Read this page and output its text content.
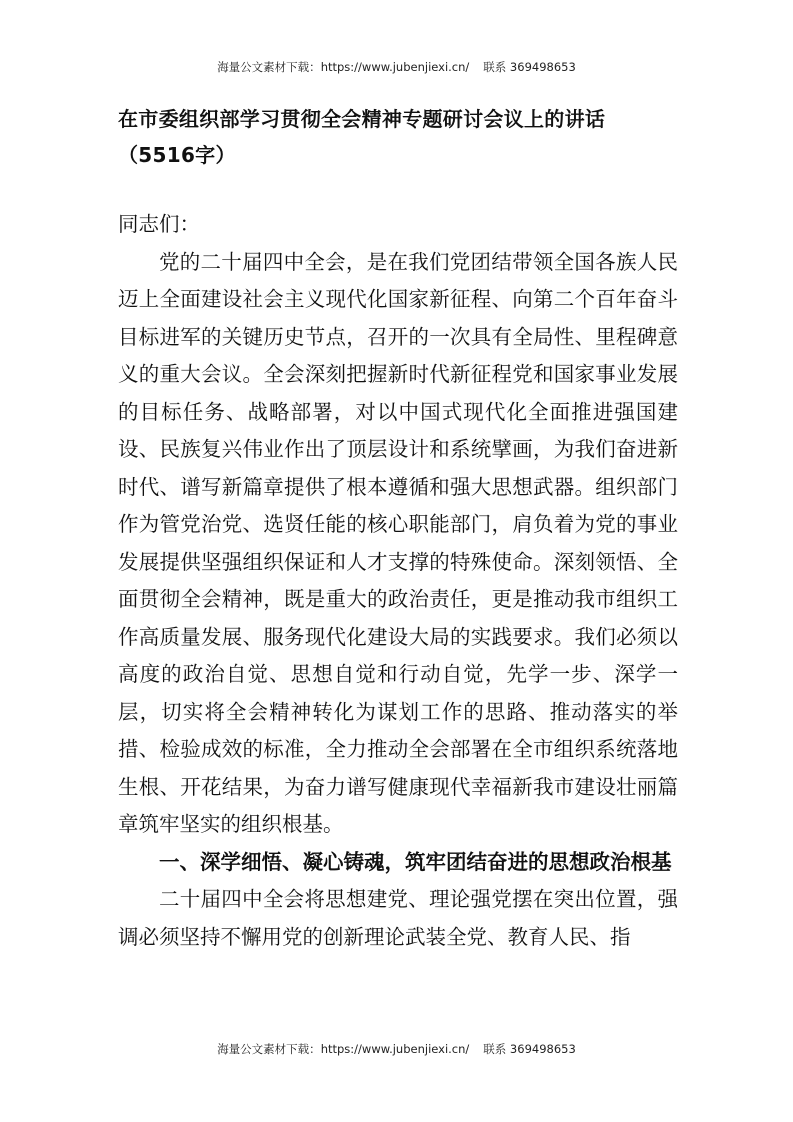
海量公文素材下载：https://www.jubenjiexi.cn/ 联系 369498653

在市委组织部学习贯彻全会精神专题研讨会议上的讲话（5516字）

同志们：

党的二十届四中全会，是在我们党团结带领全国各族人民迈上全面建设社会主义现代化国家新征程、向第二个百年奋斗目标进军的关键历史节点，召开的一次具有全局性、里程碑意义的重大会议。全会深刻把握新时代新征程党和国家事业发展的目标任务、战略部署，对以中国式现代化全面推进强国建设、民族复兴伟业作出了顶层设计和系统擘画，为我们奋进新时代、谱写新篇章提供了根本遵循和强大思想武器。组织部门作为管党治党、选贤任能的核心职能部门，肩负着为党的事业发展提供坚强组织保证和人才支撑的特殊使命。深刻领悟、全面贯彻全会精神，既是重大的政治责任，更是推动我市组织工作高质量发展、服务现代化建设大局的实践要求。我们必须以高度的政治自觉、思想自觉和行动自觉，先学一步、深学一层，切实将全会精神转化为谋划工作的思路、推动落实的举措、检验成效的标准，全力推动全会部署在全市组织系统落地生根、开花结果，为奋力谱写健康现代幸福新我市建设壮丽篇章筑牢坚实的组织根基。

一、深学细悟、凝心铸魂，筑牢团结奋进的思想政治根基

二十届四中全会将思想建党、理论强党摆在突出位置，强调必须坚持不懈用党的创新理论武装全党、教育人民、指

海量公文素材下载：https://www.jubenjiexi.cn/ 联系 369498653
